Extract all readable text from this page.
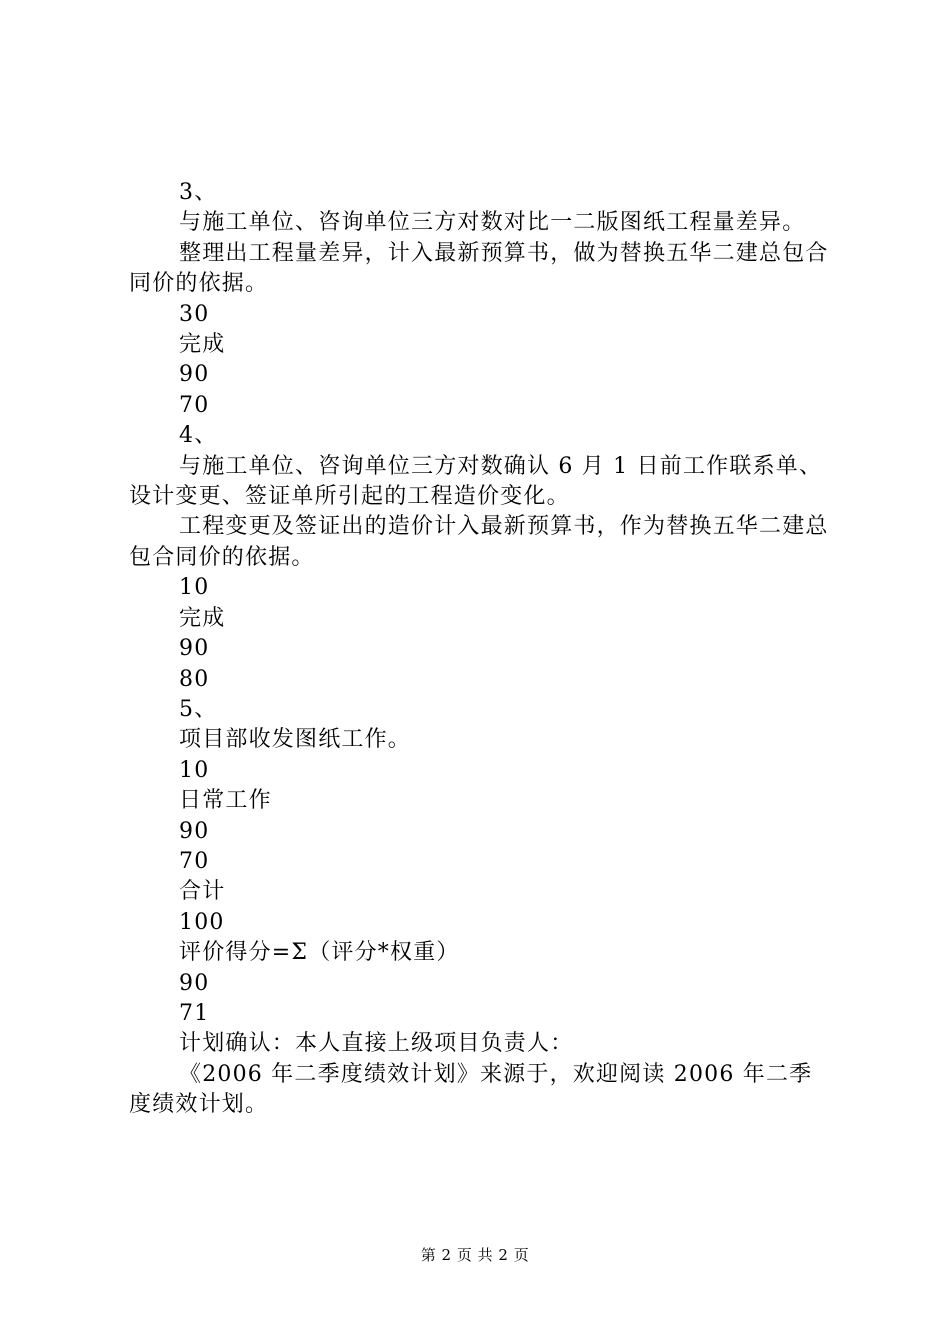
3、

与施工单位、咨询单位三方对数对比一二版图纸工程量差异。

整理出工程量差异，计入最新预算书，做为替换五华二建总包合同价的依据。

30

完成

90

70

4、

与施工单位、咨询单位三方对数确认 6 月 1 日前工作联系单、设计变更、签证单所引起的工程造价变化。

工程变更及签证出的造价计入最新预算书，作为替换五华二建总包合同价的依据。

10

完成

90

80

5、

项目部收发图纸工作。

10

日常工作

90

70

合计

100

评价得分=Σ（评分*权重）

90

71

计划确认：本人直接上级项目负责人：

《2006 年二季度绩效计划》来源于，欢迎阅读 2006 年二季度绩效计划。

第 2 页 共 2 页
